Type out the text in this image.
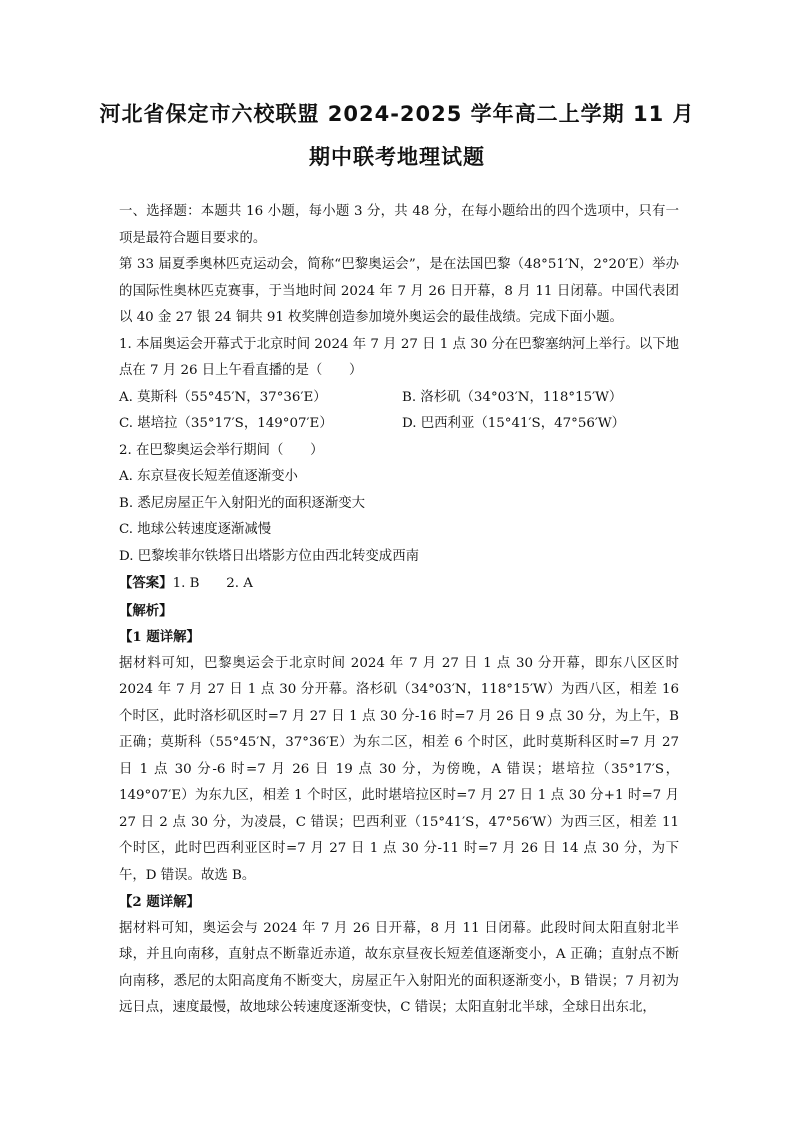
河北省保定市六校联盟 2024-2025 学年高二上学期 11 月
期中联考地理试题

一、选择题：本题共 16 小题，每小题 3 分，共 48 分，在每小题给出的四个选项中，只有一项是最符合题目要求的。

第 33 届夏季奥林匹克运动会，简称“巴黎奥运会”，是在法国巴黎（48°51′N，2°20′E）举办的国际性奥林匹克赛事，于当地时间 2024 年 7 月 26 日开幕，8 月 11 日闭幕。中国代表团以 40 金 27 银 24 铜共 91 枚奖牌创造参加境外奥运会的最佳战绩。完成下面小题。

1. 本届奥运会开幕式于北京时间 2024 年 7 月 27 日 1 点 30 分在巴黎塞纳河上举行。以下地点在 7 月 26 日上午看直播的是（　　）

A. 莫斯科（55°45′N，37°36′E）	B. 洛杉矶（34°03′N，118°15′W）
C. 堪培拉（35°17′S，149°07′E）	D. 巴西利亚（15°41′S，47°56′W）

2. 在巴黎奥运会举行期间（　　）

A. 东京昼夜长短差值逐渐变小

B. 悉尼房屋正午入射阳光的面积逐渐变大

C. 地球公转速度逐渐减慢

D. 巴黎埃菲尔铁塔日出塔影方位由西北转变成西南

【答案】1. B　　2. A

【解析】

【1 题详解】

据材料可知，巴黎奥运会于北京时间 2024 年 7 月 27 日 1 点 30 分开幕，即东八区区时 2024 年 7 月 27 日 1 点 30 分开幕。洛杉矶（34°03′N，118°15′W）为西八区，相差 16 个时区，此时洛杉矶区时=7 月 27 日 1 点 30 分-16 时=7 月 26 日 9 点 30 分，为上午，B 正确；莫斯科（55°45′N，37°36′E）为东二区，相差 6 个时区，此时莫斯科区时=7 月 27 日 1 点 30 分-6 时=7 月 26 日 19 点 30 分，为傍晚，A 错误；堪培拉（35°17′S，149°07′E）为东九区，相差 1 个时区，此时堪培拉区时=7 月 27 日 1 点 30 分+1 时=7 月 27 日 2 点 30 分，为凌晨，C 错误；巴西利亚（15°41′S，47°56′W）为西三区，相差 11 个时区，此时巴西利亚区时=7 月 27 日 1 点 30 分-11 时=7 月 26 日 14 点 30 分，为下午，D 错误。故选 B。

【2 题详解】

据材料可知，奥运会与 2024 年 7 月 26 日开幕，8 月 11 日闭幕。此段时间太阳直射北半球，并且向南移，直射点不断靠近赤道，故东京昼夜长短差值逐渐变小，A 正确；直射点不断向南移，悉尼的太阳高度角不断变大，房屋正午入射阳光的面积逐渐变小，B 错误；7 月初为远日点，速度最慢，故地球公转速度逐渐变快，C 错误；太阳直射北半球，全球日出东北，
